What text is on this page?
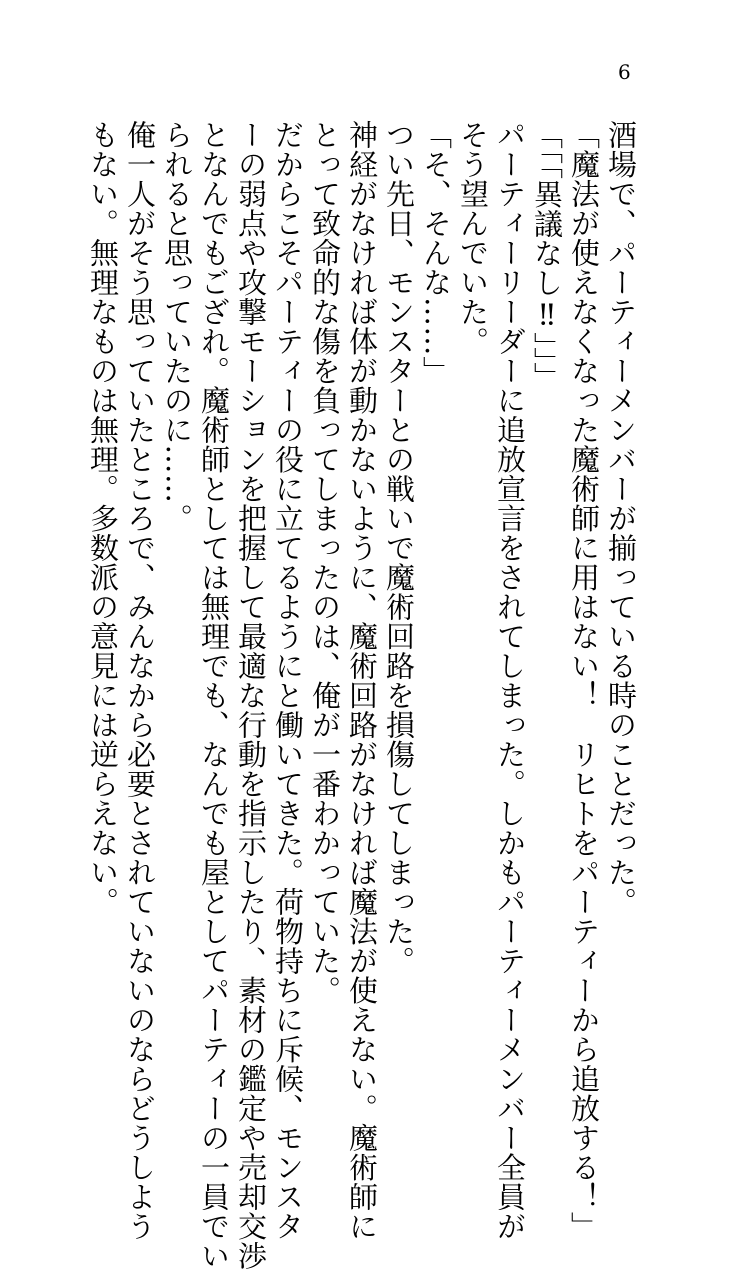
6
酒場で、パーティーメンバーが揃っている時のことだった。
「魔法が使えなくなった魔術師に用はない！　リヒトをパーティーから追放する！」
「「「異議なし‼」」」
パーティーリーダーに追放宣言をされてしまった。しかもパーティーメンバー全員が
そう望んでいた。
「そ、そんな……」
つい先日、モンスターとの戦いで魔術回路を損傷してしまった。
神経がなければ体が動かないように、魔術回路がなければ魔法が使えない。魔術師に
とって致命的な傷を負ってしまったのは、俺が一番わかっていた。
だからこそパーティーの役に立てるようにと働いてきた。荷物持ちに斥候、モンスタ
ーの弱点や攻撃モーションを把握して最適な行動を指示したり、素材の鑑定や売却交渉
となんでもござれ。魔術師としては無理でも、なんでも屋としてパーティーの一員でい
られると思っていたのに……。
俺一人がそう思っていたところで、みんなから必要とされていないのならどうしよう
もない。無理なものは無理。多数派の意見には逆らえない。
